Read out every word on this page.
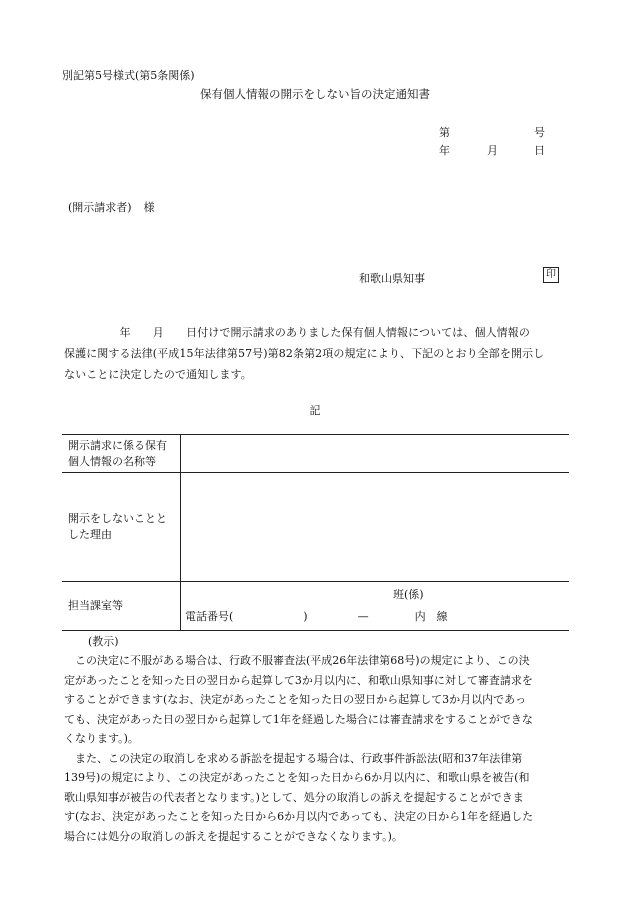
別記第5号様式(第5条関係)
保有個人情報の開示をしない旨の決定通知書
第	号
年	月	日
(開示請求者) 様
和歌山県知事	印
　　　　　年　　月　　日付けで開示請求のありました保有個人情報については、個人情報の
保護に関する法律(平成15年法律第57号)第82条第2項の規定により、下記のとおり全部を開示し
ないことに決定したので通知します。
記
開示請求に係る保有
個人情報の名称等	

開示をしないことと
した理由	

担当課室等	班(係)
電話番号( ) — 内　線
(教示)
　この決定に不服がある場合は、行政不服審査法(平成26年法律第68号)の規定により、この決
定があったことを知った日の翌日から起算して3か月以内に、和歌山県知事に対して審査請求を
することができます(なお、決定があったことを知った日の翌日から起算して3か月以内であっ
ても、決定があった日の翌日から起算して1年を経過した場合には審査請求をすることができな
くなります。)。
　また、この決定の取消しを求める訴訟を提起する場合は、行政事件訴訟法(昭和37年法律第
139号)の規定により、この決定があったことを知った日から6か月以内に、和歌山県を被告(和
歌山県知事が被告の代表者となります。)として、処分の取消しの訴えを提起することができま
す(なお、決定があったことを知った日から6か月以内であっても、決定の日から1年を経過した
場合には処分の取消しの訴えを提起することができなくなります。)。
